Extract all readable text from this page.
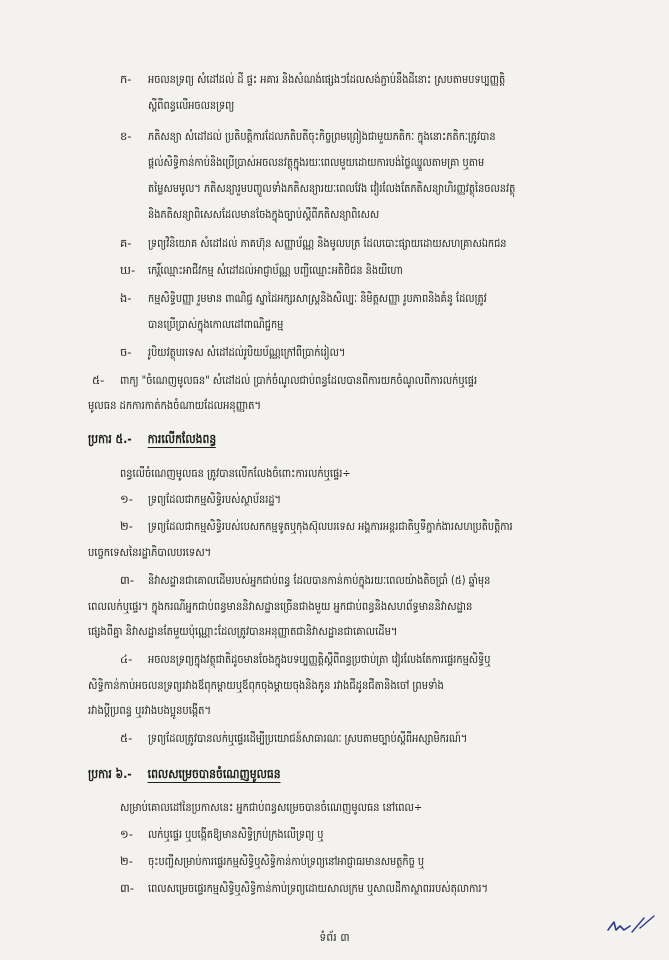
ក- អចលនទ្រព្យ សំដៅដល់ ដី ផ្ទះ អគារ និងសំណង់ផ្សេងៗដែលសង់ភ្ជាប់នឹងដីនោះ ស្របតាមបទប្បញ្ញត្តិ
ស្តីពីពន្ធលើអចលនទ្រព្យ
ខ- ភតិសន្យា សំដៅដល់ ប្រតិបត្តិការដែលភតិបតីចុះកិច្ចព្រមព្រៀងជាមួយភតិកៈ ក្នុងនោះភតិកៈត្រូវបាន
ផ្តល់សិទ្ធិកាន់កាប់និងប្រើប្រាស់អចលនវត្ថុក្នុងរយៈពេលមួយដោយការបង់ថ្លៃឈ្នួលតាមគ្រា ឬតាម
តម្លៃសមមូល។ ភតិសន្យារួមបញ្ចូលទាំងភតិសន្យារយៈពេលវែង វៀរលែងតែភតិសន្យាហិរញ្ញវត្ថុនៃចលនវត្ថុ
និងភតិសន្យាពិសេសដែលមានចែងក្នុងច្បាប់ស្តីពីភតិសន្យាពិសេស
គ- ទ្រព្យវិនិយោគ សំដៅដល់ ភាគហ៊ុន សញ្ញាប័ណ្ណ និងមូលបត្រ ដែលបោះផ្សាយដោយសហគ្រាសឯកជន
ឃ- កេរ្តិ៍ឈ្មោះអាជីវកម្ម សំដៅដល់អាជ្ញាប័ណ្ណ បញ្ជីឈ្មោះអតិថិជន និងយីហោ
ង- កម្មសិទ្ធិបញ្ញា រួមមាន ពាណិជ្ជ ស្នាដៃអក្សរសាស្ត្រនិងសិល្បៈ និមិត្តសញ្ញា រូបភាពនិងគំនូ ដែលត្រូវ
បានប្រើប្រាស់ក្នុងកោលដៅពាណិជ្ជកម្ម
ច- រូបិយវត្ថុបរទេស សំដៅដល់រូបិយប័ណ្ណក្រៅពីប្រាក់រៀល។
៥- ពាក្យ "ចំណេញមូលធន" សំដៅដល់ ប្រាក់ចំណូលជាប់ពន្ធដែលបានពីការយកចំណូលពីការលក់ឬផ្ទេរ
មូលធន ដកការកាត់កងចំណាយដែលអនុញ្ញាត។
ប្រការ ៥.- ការលើកលែងពន្ធ
ពន្ធលើចំណេញមូលធន ត្រូវបានលើកលែងចំពោះការលក់ឬផ្ទេរ÷
១- ទ្រព្យដែលជាកម្មសិទ្ធិរបស់ស្ថាប័នរដ្ឋ។
២- ទ្រព្យដែលជាកម្មសិទ្ធិរបស់បេសកកម្មទូតឬកុងស៊ុលបរទេស អង្គការអន្តរជាតិឬទីភ្នាក់ងារសហប្រតិបត្តិការ
បច្ចេកទេសនៃរដ្ឋាភិបាលបរទេស។
៣- និវាសដ្ឋានជាគោលដើមរបស់អ្នកជាប់ពន្ធ ដែលបានកាន់កាប់ក្នុងរយៈពេលយ៉ាងតិចប្រាំ (៥) ឆ្នាំមុន
ពេលលក់ឬផ្ទេរ។ ក្នុងករណីអ្នកជាប់ពន្ធមាននិវាសដ្ឋានច្រើនជាងមួយ អ្នកជាប់ពន្ធនិងសហព័ទ្ធមាននិវាសដ្ឋាន
ផ្សេងពីគ្នា និវាសដ្ឋានតែមួយប៉ុណ្ណោះដែលត្រូវបានអនុញ្ញាតជានិវាសដ្ឋានជាគោលដើម។
៤- អចលនទ្រព្យក្នុងវត្ថុជាតិដូចមានចែងក្នុងបទប្បញ្ញត្តិស្តីពីពន្ធប្រថាប់ត្រា វៀរលែងតែការផ្ទេរកម្មសិទ្ធិឬ
សិទ្ធិកាន់កាប់អចលនទ្រព្យរវាងឪពុកម្តាយឬឪពុកចុងម្តាយចុងនិងកូន រវាងជីដូនជីតានិងចៅ ព្រមទាំង
រវាងប្តីប្រពន្ធ ឬរវាងបងប្អូនបង្កើត។
៥- ទ្រព្យដែលត្រូវបានលក់ឬផ្ទេរដើម្បីប្រយោជន៍សាធារណៈ ស្របតាមច្បាប់ស្តីពីអស្សាមិករណ៍។
ប្រការ ៦.- ពេលសម្រេចបានចំណេញមូលធន
សម្រាប់គោលដៅនៃប្រកាសនេះ អ្នកជាប់ពន្ធសម្រេចបានចំណេញមូលធន នៅពេល÷
១- លក់ឬផ្ទេរ ឬបង្កើតឱ្យមានសិទ្ធិក្រប់ក្រងលើទ្រព្យ ឬ
២- ចុះបញ្ជីសម្រាប់ការផ្ទេរកម្មសិទ្ធិឬសិទ្ធិកាន់កាប់ទ្រព្យនៅអាជ្ញាធរមានសមត្ថកិច្ច ឬ
៣- ពេលសម្រេចផ្ទេរកម្មសិទ្ធិឬសិទ្ធិកាន់កាប់ទ្រព្យដោយសាលក្រម ឬសាលដីកាស្ថាពររបស់តុលាការ។
ទំព័រ ៣
